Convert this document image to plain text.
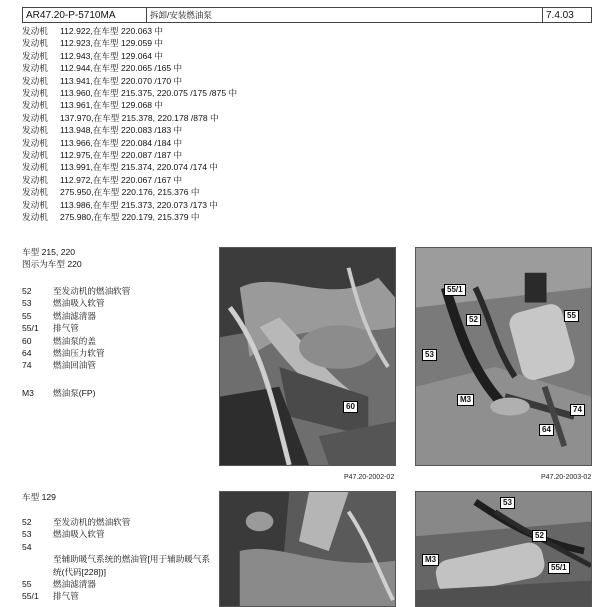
AR47.20-P-5710MA	拆卸/安装燃油泵	7.4.03
发动机	112.922,在车型 220.063 中
发动机	112.923,在车型 129.059 中
发动机	112.943,在车型 129.064 中
发动机	112.944,在车型 220.065 /165 中
发动机	113.941,在车型 220.070 /170 中
发动机	113.960,在车型 215.375, 220.075 /175 /875 中
发动机	113.961,在车型 129.068 中
发动机	137.970,在车型 215.378, 220.178 /878 中
发动机	113.948,在车型 220.083 /183 中
发动机	113.966,在车型 220.084 /184 中
发动机	112.975,在车型 220.087 /187 中
发动机	113.991,在车型 215.374, 220.074 /174 中
发动机	112.972,在车型 220.067 /167 中
发动机	275.950,在车型 220.176, 215.376 中
发动机	113.986,在车型 215.373, 220.073 /173 中
发动机	275.980,在车型 220.179, 215.379 中
车型 215, 220
图示为车型 220
52	至发动机的燃油软管
53	燃油吸入软管
55	燃油滤清器
55/1	排气管
60	燃油泵的盖
64	燃油压力软管
74	燃油回油管
M3	燃油泵(FP)
60
P47.20-2002-02
55/1
52	55
53
M3
64
74
P47.20-2003-02
车型 129
52	至发动机的燃油软管
53	燃油吸入软管
54
至辅助暖气系统的燃油管[用于辅助暖气系统(代码[228])]
55	燃油滤清器
55/1	排气管
53
52
M3
55/1
